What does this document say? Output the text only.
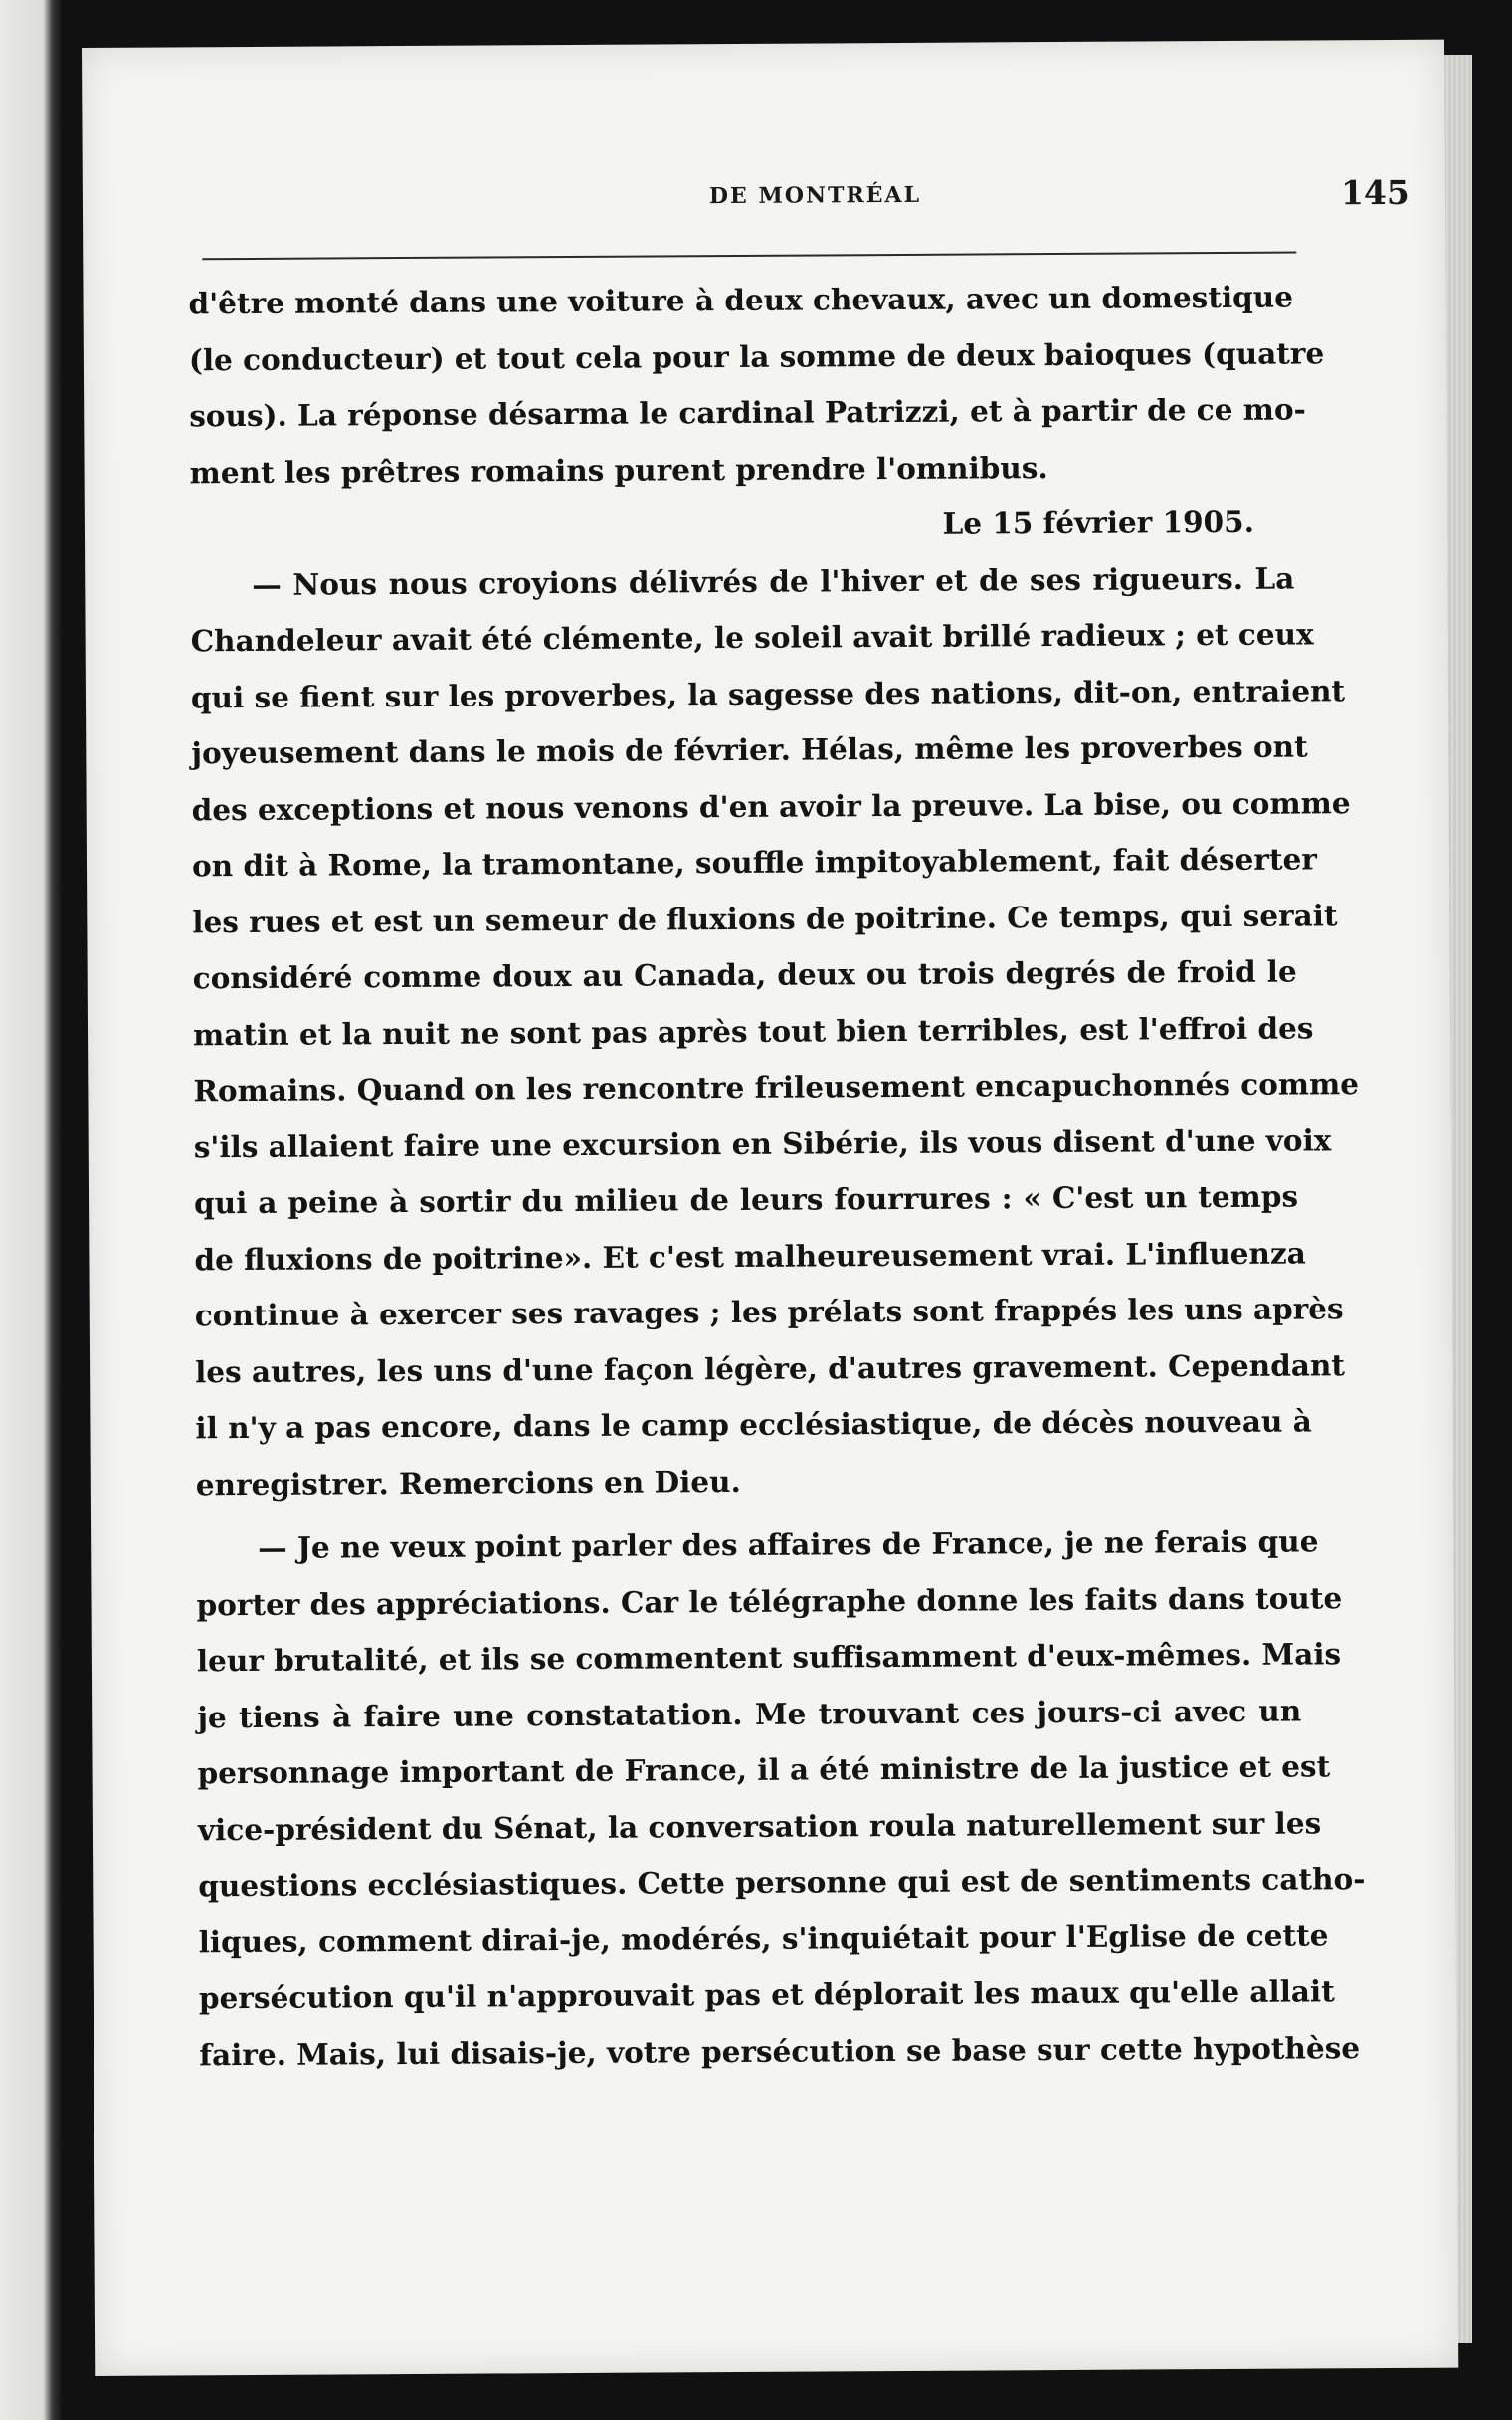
DE MONTRÉAL	145
d'être monté dans une voiture à deux chevaux, avec un domestique
(le conducteur) et tout cela pour la somme de deux baioques (quatre
sous). La réponse désarma le cardinal Patrizzi, et à partir de ce mo-
ment les prêtres romains purent prendre l'omnibus.
Le 15 février 1905.
— Nous nous croyions délivrés de l'hiver et de ses rigueurs. La
Chandeleur avait été clémente, le soleil avait brillé radieux ; et ceux
qui se fient sur les proverbes, la sagesse des nations, dit-on, entraient
joyeusement dans le mois de février. Hélas, même les proverbes ont
des exceptions et nous venons d'en avoir la preuve. La bise, ou comme
on dit à Rome, la tramontane, souffle impitoyablement, fait déserter
les rues et est un semeur de fluxions de poitrine. Ce temps, qui serait
considéré comme doux au Canada, deux ou trois degrés de froid le
matin et la nuit ne sont pas après tout bien terribles, est l'effroi des
Romains. Quand on les rencontre frileusement encapuchonnés comme
s'ils allaient faire une excursion en Sibérie, ils vous disent d'une voix
qui a peine à sortir du milieu de leurs fourrures : « C'est un temps
de fluxions de poitrine». Et c'est malheureusement vrai. L'influenza
continue à exercer ses ravages ; les prélats sont frappés les uns après
les autres, les uns d'une façon légère, d'autres gravement. Cependant
il n'y a pas encore, dans le camp ecclésiastique, de décès nouveau à
enregistrer. Remercions en Dieu.
— Je ne veux point parler des affaires de France, je ne ferais que
porter des appréciations. Car le télégraphe donne les faits dans toute
leur brutalité, et ils se commentent suffisamment d'eux-mêmes. Mais
je tiens à faire une constatation. Me trouvant ces jours-ci avec un
personnage important de France, il a été ministre de la justice et est
vice-président du Sénat, la conversation roula naturellement sur les
questions ecclésiastiques. Cette personne qui est de sentiments catho-
liques, comment dirai-je, modérés, s'inquiétait pour l'Eglise de cette
persécution qu'il n'approuvait pas et déplorait les maux qu'elle allait
faire. Mais, lui disais-je, votre persécution se base sur cette hypothèse
